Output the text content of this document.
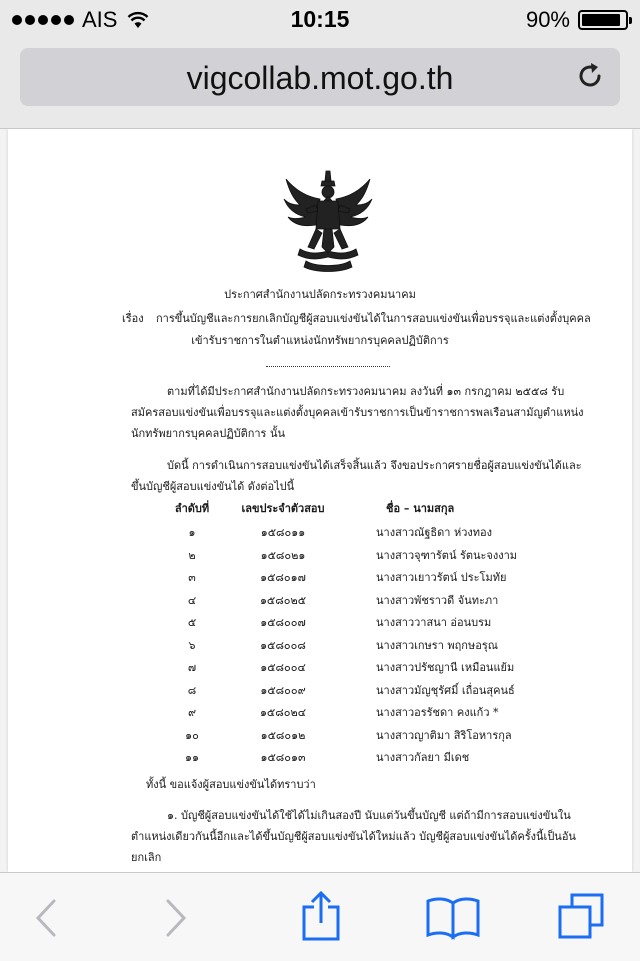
AIS	10:15	90%
vigcollab.mot.go.th
ประกาศสำนักงานปลัดกระทรวงคมนาคม
เรื่อง การขึ้นบัญชีและการยกเลิกบัญชีผู้สอบแข่งขันได้ในการสอบแข่งขันเพื่อบรรจุและแต่งตั้งบุคคล
เข้ารับราชการในตำแหน่งนักทรัพยากรบุคคลปฏิบัติการ
ตามที่ได้มีประกาศสำนักงานปลัดกระทรวงคมนาคม ลงวันที่ ๑๓ กรกฎาคม ๒๕๕๘ รับสมัครสอบแข่งขันเพื่อบรรจุและแต่งตั้งบุคคลเข้ารับราชการเป็นข้าราชการพลเรือนสามัญตำแหน่งนักทรัพยากรบุคคลปฏิบัติการ นั้น
บัดนี้ การดำเนินการสอบแข่งขันได้เสร็จสิ้นแล้ว จึงขอประกาศรายชื่อผู้สอบแข่งขันได้และขึ้นบัญชีผู้สอบแข่งขันได้ ดังต่อไปนี้
ลำดับที่	เลขประจำตัวสอบ	ชื่อ – นามสกุล
๑	๑๕๘๐๑๑	นางสาวณัฐธิดา ห่วงทอง
๒	๑๕๘๐๒๑	นางสาวจุฑารัตน์ รัตนะจงงาม
๓	๑๕๘๐๑๗	นางสาวเยาวรัตน์ ประโมทัย
๔	๑๕๘๐๒๕	นางสาวพัชราวดี จันทะภา
๕	๑๕๘๐๐๗	นางสาววาสนา อ่อนบรม
๖	๑๕๘๐๐๘	นางสาวเกษรา พฤกษอรุณ
๗	๑๕๘๐๐๔	นางสาวปรัชญานี เหมือนแย้ม
๘	๑๕๘๐๐๙	นางสาวมัญชุรัศมิ์ เถื่อนสุคนธ์
๙	๑๕๘๐๒๔	นางสาวอรรัชดา คงแก้ว *
๑๐	๑๕๘๐๑๒	นางสาวญาติมา สิริโอหารกุล
๑๑	๑๕๘๐๑๓	นางสาวกัลยา มีเดช
ทั้งนี้ ขอแจ้งผู้สอบแข่งขันได้ทราบว่า
๑. บัญชีผู้สอบแข่งขันได้ใช้ได้ไม่เกินสองปี นับแต่วันขึ้นบัญชี แต่ถ้ามีการสอบแข่งขันในตำแหน่งเดียวกันนี้อีกและได้ขึ้นบัญชีผู้สอบแข่งขันได้ใหม่แล้ว บัญชีผู้สอบแข่งขันได้ครั้งนี้เป็นอันยกเลิก
